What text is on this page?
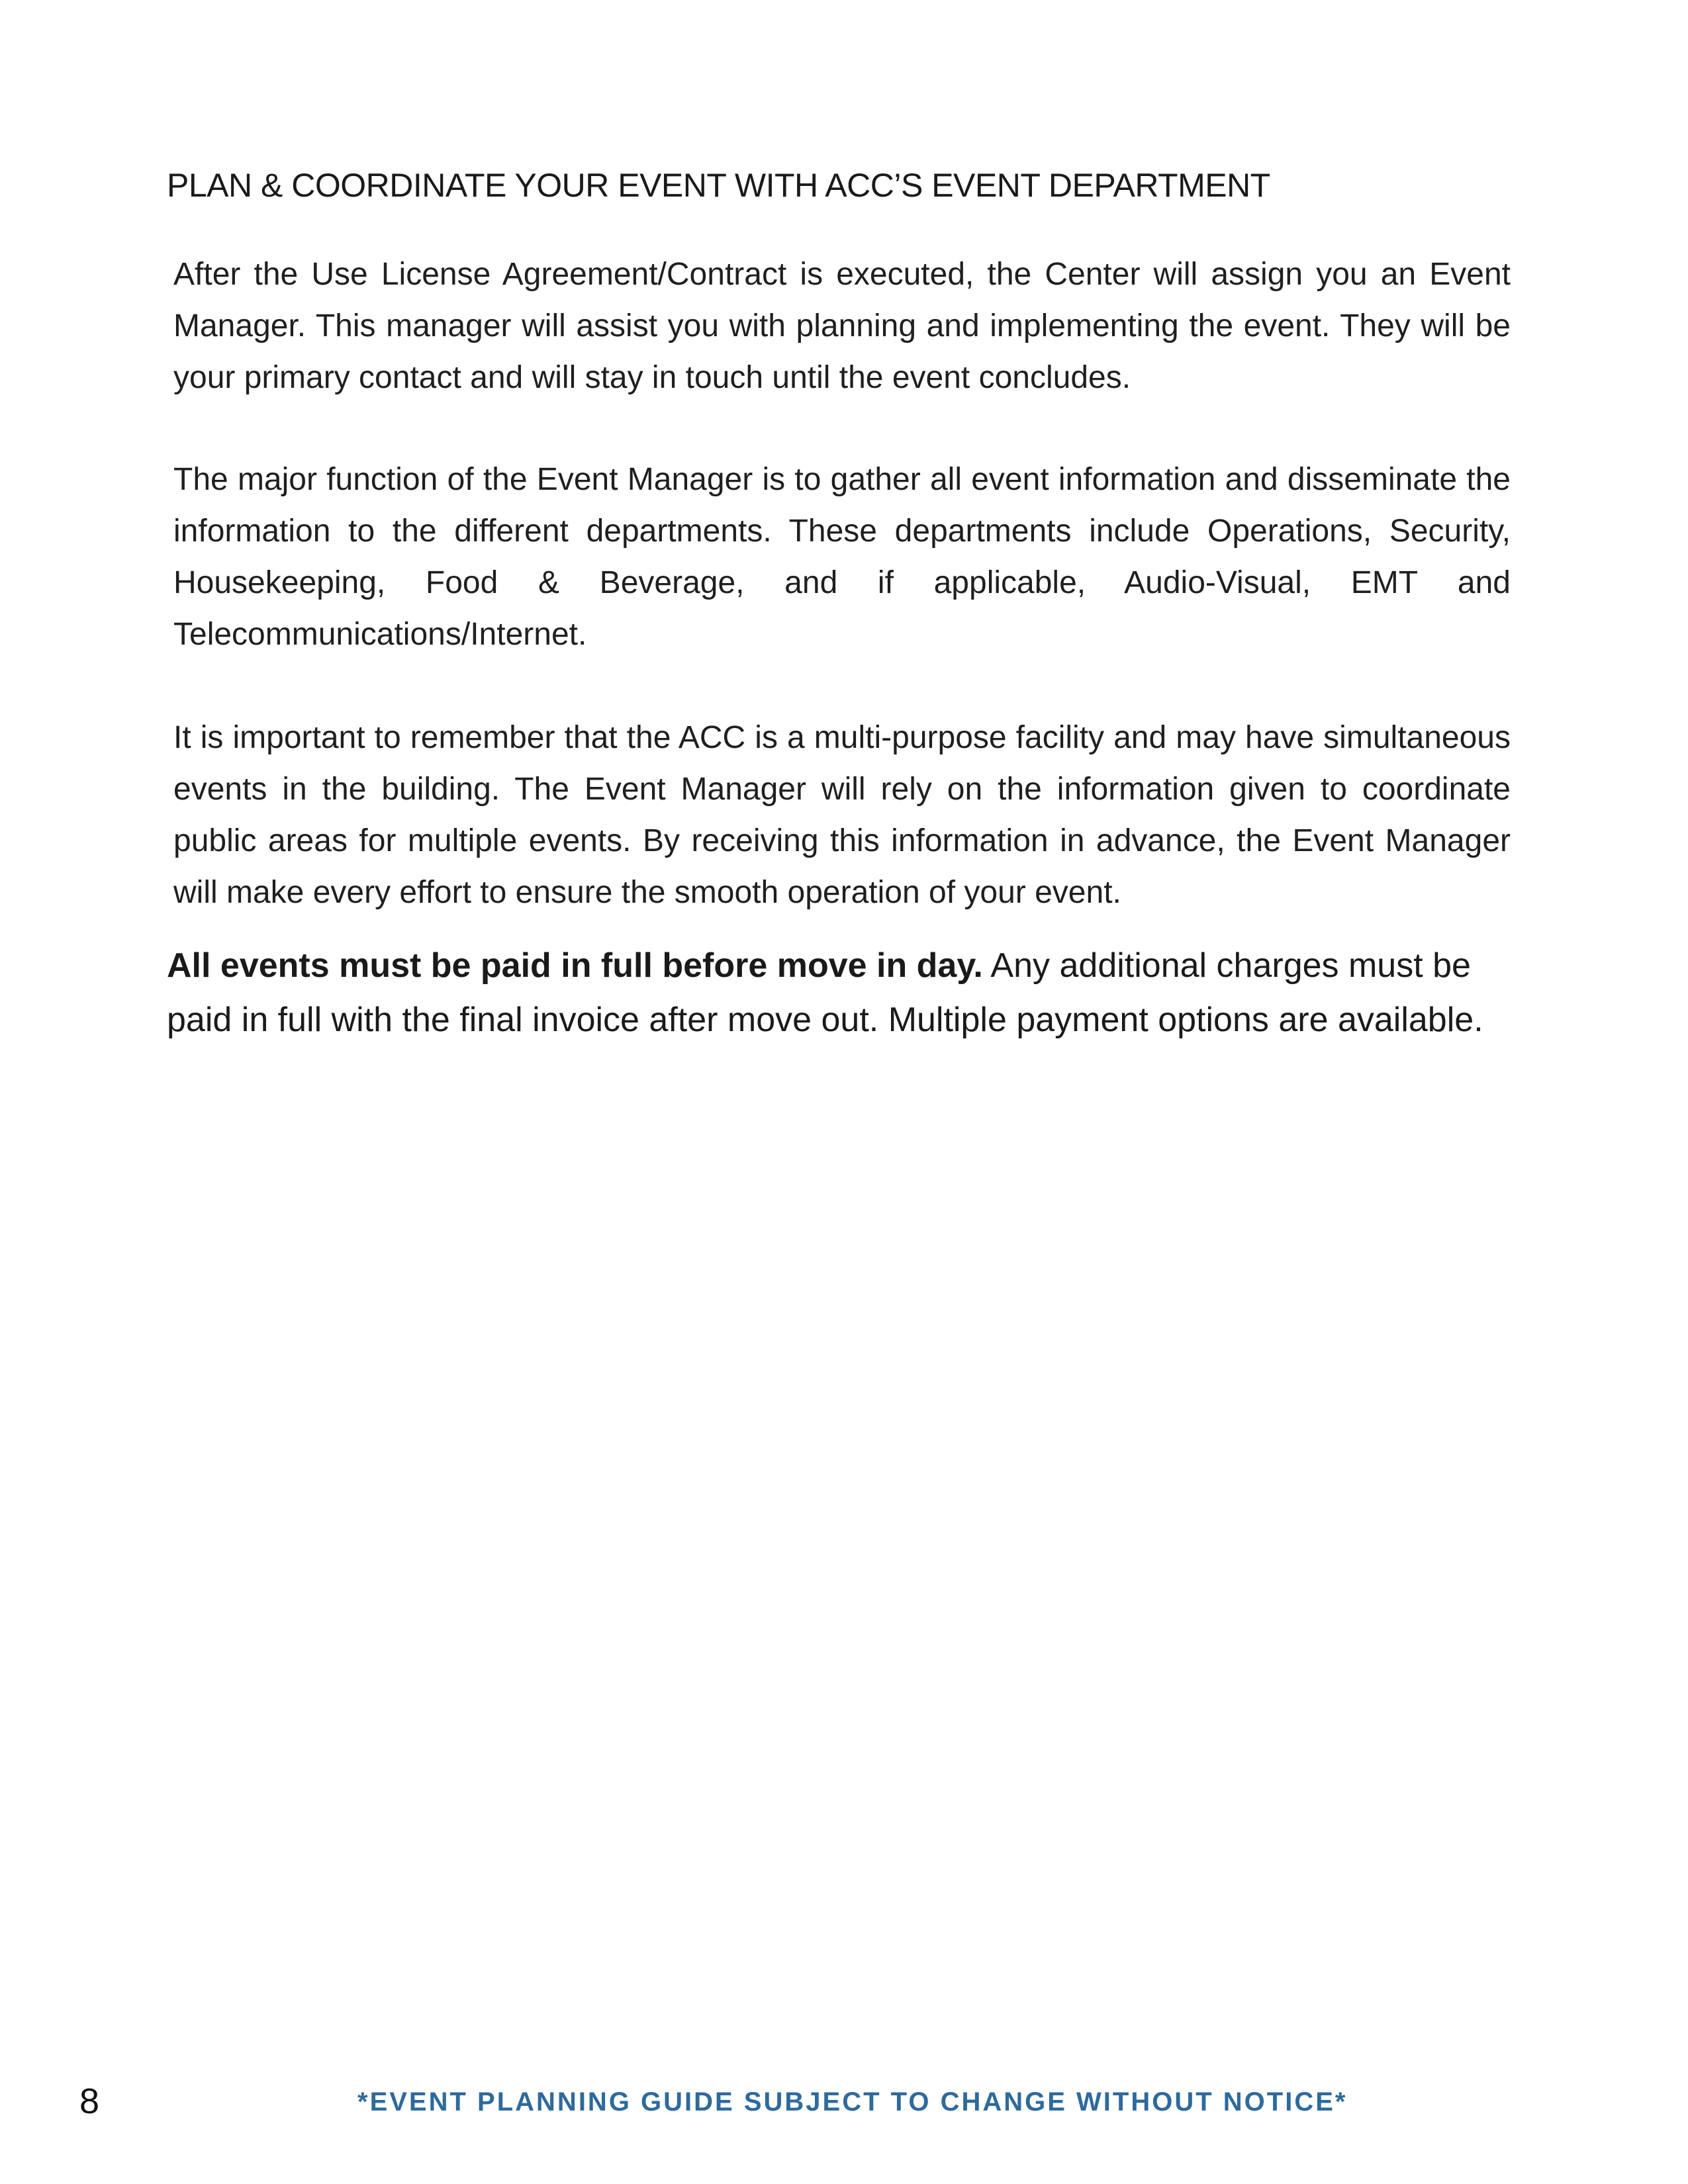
PLAN & COORDINATE YOUR EVENT WITH ACC’S EVENT DEPARTMENT

After the Use License Agreement/Contract is executed, the Center will assign you an Event Manager. This manager will assist you with planning and implementing the event. They will be your primary contact and will stay in touch until the event concludes.

The major function of the Event Manager is to gather all event information and disseminate the information to the different departments. These departments include Operations, Security, Housekeeping, Food & Beverage, and if applicable, Audio-Visual, EMT and Telecommunications/Internet.

It is important to remember that the ACC is a multi-purpose facility and may have simultaneous events in the building. The Event Manager will rely on the information given to coordinate public areas for multiple events. By receiving this information in advance, the Event Manager will make every effort to ensure the smooth operation of your event.

All events must be paid in full before move in day. Any additional charges must be paid in full with the final invoice after move out. Multiple payment options are available.

8	*EVENT PLANNING GUIDE SUBJECT TO CHANGE WITHOUT NOTICE*
